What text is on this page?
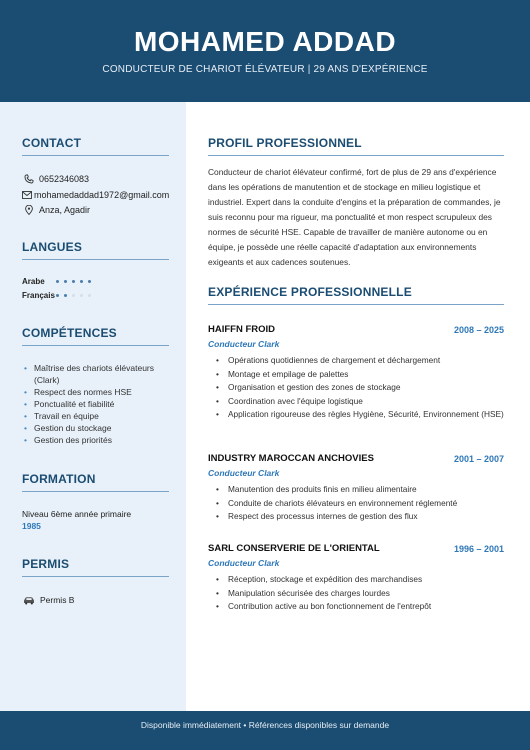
MOHAMED ADDAD
CONDUCTEUR DE CHARIOT ÉLÉVATEUR | 29 ANS D'EXPÉRIENCE
CONTACT
0652346083
mohamedaddad1972@gmail.com
Anza, Agadir
LANGUES
Arabe
Français
COMPÉTENCES
• Maîtrise des chariots élévateurs (Clark)
• Respect des normes HSE
• Ponctualité et fiabilité
• Travail en équipe
• Gestion du stockage
• Gestion des priorités
FORMATION
Niveau 6ème année primaire
1985
PERMIS
Permis B
PROFIL PROFESSIONNEL
Conducteur de chariot élévateur confirmé, fort de plus de 29 ans d'expérience dans les opérations de manutention et de stockage en milieu logistique et industriel. Expert dans la conduite d'engins et la préparation de commandes, je suis reconnu pour ma rigueur, ma ponctualité et mon respect scrupuleux des normes de sécurité HSE. Capable de travailler de manière autonome ou en équipe, je possède une réelle capacité d'adaptation aux environnements exigeants et aux cadences soutenues.
EXPÉRIENCE PROFESSIONNELLE
HAIFFN FROID	2008 – 2025
Conducteur Clark
• Opérations quotidiennes de chargement et déchargement
• Montage et empilage de palettes
• Organisation et gestion des zones de stockage
• Coordination avec l'équipe logistique
• Application rigoureuse des règles Hygiène, Sécurité, Environnement (HSE)
INDUSTRY MAROCCAN ANCHOVIES	2001 – 2007
Conducteur Clark
• Manutention des produits finis en milieu alimentaire
• Conduite de chariots élévateurs en environnement réglementé
• Respect des processus internes de gestion des flux
SARL CONSERVERIE DE L'ORIENTAL	1996 – 2001
Conducteur Clark
• Réception, stockage et expédition des marchandises
• Manipulation sécurisée des charges lourdes
• Contribution active au bon fonctionnement de l'entrepôt
Disponible immédiatement • Références disponibles sur demande
